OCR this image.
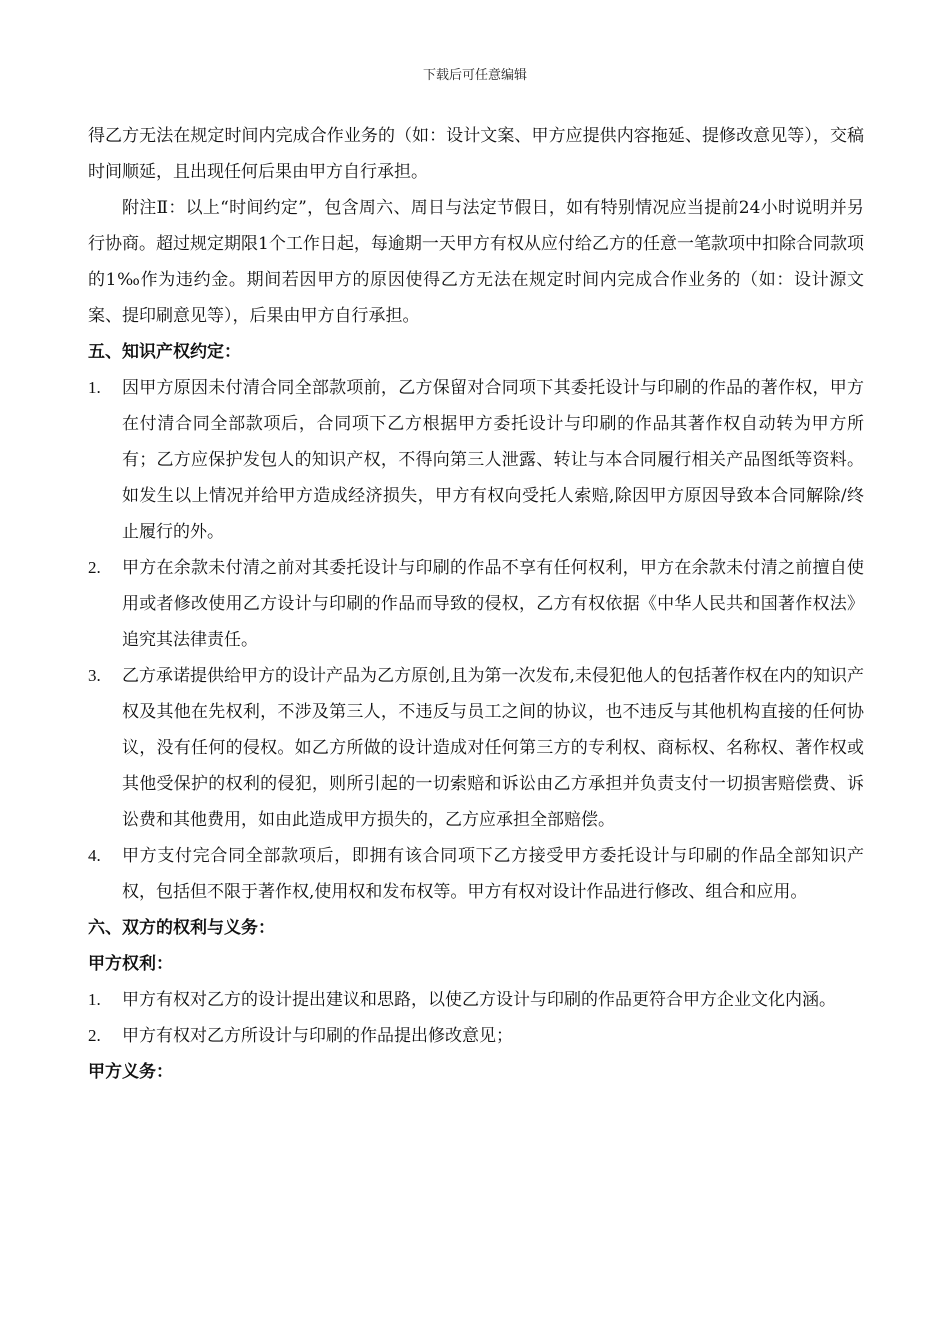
下载后可任意编辑

得乙方无法在规定时间内完成合作业务的（如：设计文案、甲方应提供内容拖延、提修改意见等），交稿时间顺延，且出现任何后果由甲方自行承担。

附注Ⅱ：以上“时间约定”，包含周六、周日与法定节假日，如有特别情况应当提前24小时说明并另行协商。超过规定期限1个工作日起，每逾期一天甲方有权从应付给乙方的任意一笔款项中扣除合同款项的1‰作为违约金。期间若因甲方的原因使得乙方无法在规定时间内完成合作业务的（如：设计源文案、提印刷意见等），后果由甲方自行承担。

五、知识产权约定：

1. 因甲方原因未付清合同全部款项前，乙方保留对合同项下其委托设计与印刷的作品的著作权，甲方在付清合同全部款项后，合同项下乙方根据甲方委托设计与印刷的作品其著作权自动转为甲方所有；乙方应保护发包人的知识产权，不得向第三人泄露、转让与本合同履行相关产品图纸等资料。如发生以上情况并给甲方造成经济损失，甲方有权向受托人索赔,除因甲方原因导致本合同解除/终止履行的外。
2. 甲方在余款未付清之前对其委托设计与印刷的作品不享有任何权利，甲方在余款未付清之前擅自使用或者修改使用乙方设计与印刷的作品而导致的侵权，乙方有权依据《中华人民共和国著作权法》追究其法律责任。
3. 乙方承诺提供给甲方的设计产品为乙方原创,且为第一次发布,未侵犯他人的包括著作权在内的知识产权及其他在先权利，不涉及第三人，不违反与员工之间的协议，也不违反与其他机构直接的任何协议，没有任何的侵权。如乙方所做的设计造成对任何第三方的专利权、商标权、名称权、著作权或其他受保护的权利的侵犯，则所引起的一切索赔和诉讼由乙方承担并负责支付一切损害赔偿费、诉讼费和其他费用，如由此造成甲方损失的，乙方应承担全部赔偿。
4. 甲方支付完合同全部款项后，即拥有该合同项下乙方接受甲方委托设计与印刷的作品全部知识产权，包括但不限于著作权,使用权和发布权等。甲方有权对设计作品进行修改、组合和应用。

六、双方的权利与义务：

甲方权利：

1. 甲方有权对乙方的设计提出建议和思路，以使乙方设计与印刷的作品更符合甲方企业文化内涵。
2. 甲方有权对乙方所设计与印刷的作品提出修改意见；

甲方义务：
